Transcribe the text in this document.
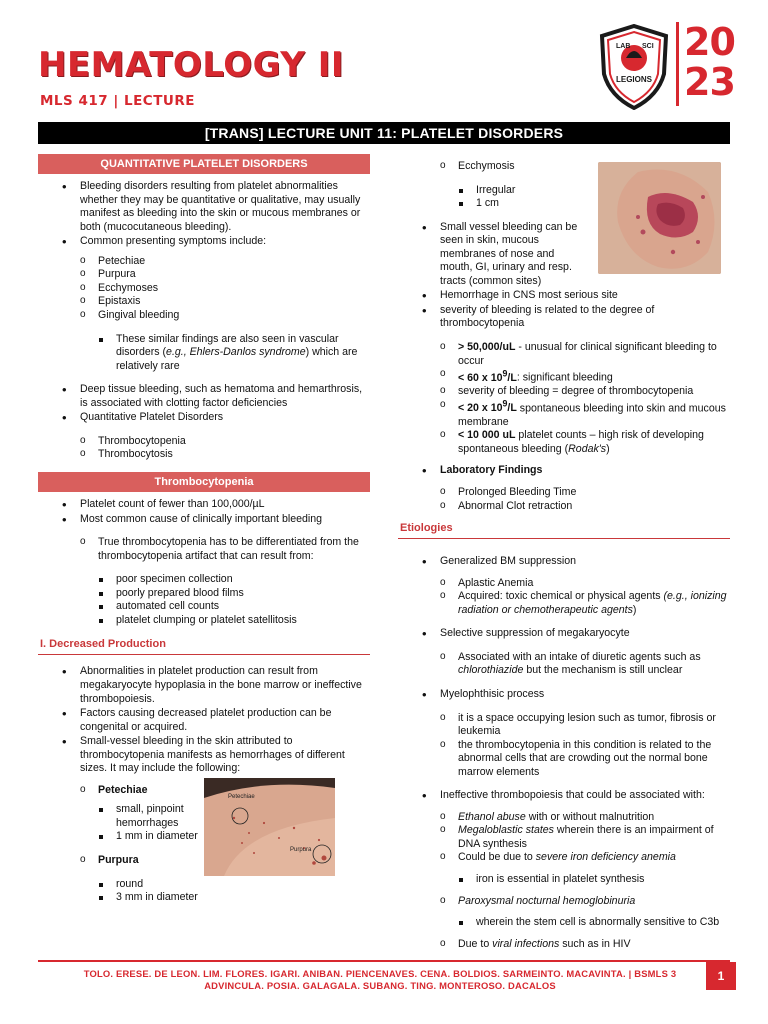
HEMATOLOGY II
MLS 417 | LECTURE
LAB SCI
LEGIONS
20
23
[TRANS] LECTURE UNIT 11: PLATELET DISORDERS
QUANTITATIVE PLATELET DISORDERS
• Bleeding disorders resulting from platelet abnormalities whether they may be quantitative or qualitative, may usually manifest as bleeding into the skin or mucous membranes or both (mucocutaneous bleeding).
• Common presenting symptoms include:
o Petechiae
o Purpura
o Ecchymoses
o Epistaxis
o Gingival bleeding
These similar findings are also seen in vascular disorders (e.g., Ehlers-Danlos syndrome) which are relatively rare
• Deep tissue bleeding, such as hematoma and hemarthrosis, is associated with clotting factor deficiencies
• Quantitative Platelet Disorders
o Thrombocytopenia
o Thrombocytosis
Thrombocytopenia
• Platelet count of fewer than 100,000/µL
• Most common cause of clinically important bleeding
o True thrombocytopenia has to be differentiated from the thrombocytopenia artifact that can result from:
poor specimen collection
poorly prepared blood films
automated cell counts
platelet clumping or platelet satellitosis
I. Decreased Production
• Abnormalities in platelet production can result from megakaryocyte hypoplasia in the bone marrow or ineffective thrombopoiesis.
• Factors causing decreased platelet production can be congenital or acquired.
• Small-vessel bleeding in the skin attributed to thrombocytopenia manifests as hemorrhages of different sizes. It may include the following:
o Petechiae
small, pinpoint hemorrhages
1 mm in diameter
o Purpura
round
3 mm in diameter
Petechiae
Purpura
o Ecchymosis
Irregular
1 cm
• Small vessel bleeding can be seen in skin, mucous membranes of nose and mouth, GI, urinary and resp. tracts (common sites)
• Hemorrhage in CNS most serious site
• severity of bleeding is related to the degree of thrombocytopenia
o > 50,000/uL - unusual for clinical significant bleeding to occur
o < 60 x $10^9/L$: significant bleeding
o severity of bleeding = degree of thrombocytopenia
o < 20 x $10^9/L$ spontaneous bleeding into skin and mucous membrane
o < 10 000 uL platelet counts – high risk of developing spontaneous bleeding (Rodak's)
• Laboratory Findings
o Prolonged Bleeding Time
o Abnormal Clot retraction
Etiologies
• Generalized BM suppression
o Aplastic Anemia
o Acquired: toxic chemical or physical agents (e.g., ionizing radiation or chemotherapeutic agents)
• Selective suppression of megakaryocyte
o Associated with an intake of diuretic agents such as chlorothiazide but the mechanism is still unclear
• Myelophthisic process
o it is a space occupying lesion such as tumor, fibrosis or leukemia
o the thrombocytopenia in this condition is related to the abnormal cells that are crowding out the normal bone marrow elements
• Ineffective thrombopoiesis that could be associated with:
o Ethanol abuse with or without malnutrition
o Megaloblastic states wherein there is an impairment of DNA synthesis
o Could be due to severe iron deficiency anemia
iron is essential in platelet synthesis
o Paroxysmal nocturnal hemoglobinuria
wherein the stem cell is abnormally sensitive to C3b
o Due to viral infections such as in HIV
TOLO. ERESE. DE LEON. LIM. FLORES. IGARI. ANIBAN. PIENCENAVES. CENA. BOLDIOS. SARMEINTO. MACAVINTA. | BSMLS 3
ADVINCULA. POSIA. GALAGALA. SUBANG. TING. MONTEROSO. DACALOS
1
